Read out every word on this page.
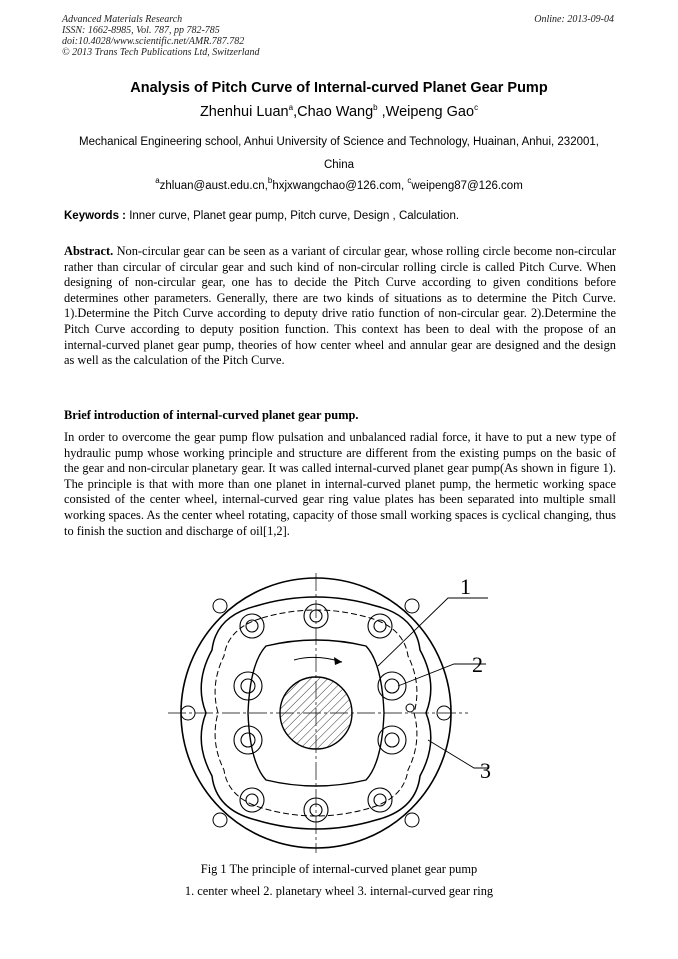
Advanced Materials Research
ISSN: 1662-8985, Vol. 787, pp 782-785
doi:10.4028/www.scientific.net/AMR.787.782
© 2013 Trans Tech Publications Ltd, Switzerland
Online: 2013-09-04
Analysis of Pitch Curve of Internal-curved Planet Gear Pump
Zhenhui Luan$^a$,Chao Wang$^b$ ,Weipeng Gao$^c$
Mechanical Engineering school, Anhui University of Science and Technology, Huainan, Anhui, 232001, China
$^a$zhluan@aust.edu.cn,$^b$hxjxwangchao@126.com, $^c$weipeng87@126.com
Keywords : Inner curve, Planet gear pump, Pitch curve, Design , Calculation.
Abstract. Non-circular gear can be seen as a variant of circular gear, whose rolling circle become non-circular rather than circular of circular gear and such kind of non-circular rolling circle is called Pitch Curve. When designing of non-circular gear, one has to decide the Pitch Curve according to given conditions before determines other parameters. Generally, there are two kinds of situations as to determine the Pitch Curve. 1).Determine the Pitch Curve according to deputy drive ratio function of non-circular gear. 2).Determine the Pitch Curve according to deputy position function. This context has been to deal with the propose of an internal-curved planet gear pump, theories of how center wheel and annular gear are designed and the design as well as the calculation of the Pitch Curve.
Brief introduction of internal-curved planet gear pump.
In order to overcome the gear pump flow pulsation and unbalanced radial force, it have to put a new type of hydraulic pump whose working principle and structure are different from the existing pumps on the basic of the gear and non-circular planetary gear. It was called internal-curved planet gear pump(As shown in figure 1). The principle is that with more than one planet in internal-curved planet pump, the hermetic working space consisted of the center wheel, internal-curved gear ring value plates has been separated into multiple small working spaces. As the center wheel rotating, capacity of those small working spaces is cyclical changing, thus to finish the suction and discharge of oil[1,2].
1
2
3
Fig 1 The principle of internal-curved planet gear pump
1. center wheel 2. planetary wheel 3. internal-curved gear ring
